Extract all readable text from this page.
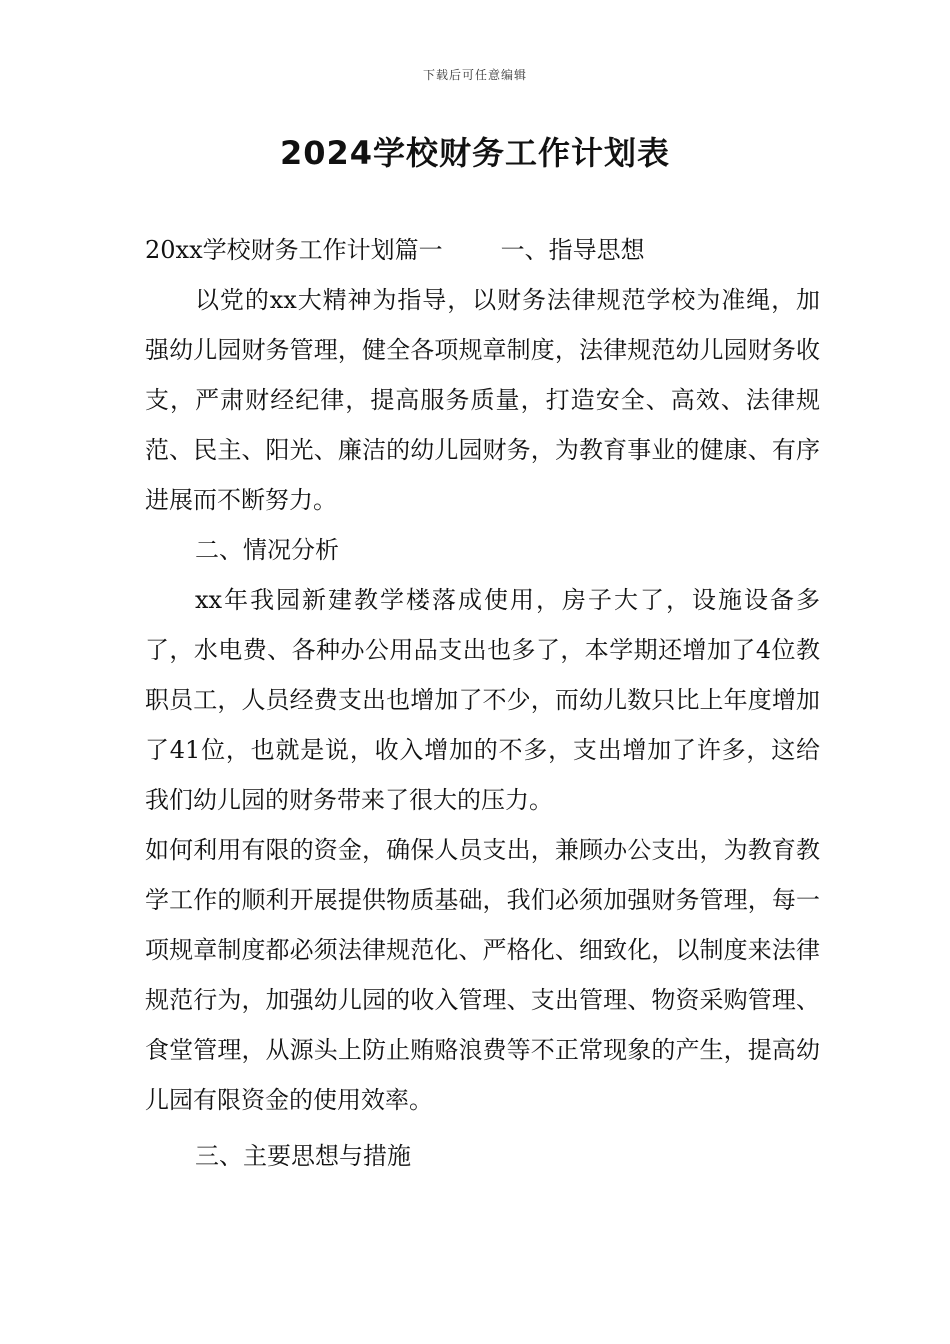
下载后可任意编辑
2024学校财务工作计划表

20xx学校财务工作计划篇一 一、指导思想

以党的xx大精神为指导，以财务法律规范学校为准绳，加强幼儿园财务管理，健全各项规章制度，法律规范幼儿园财务收支，严肃财经纪律，提高服务质量，打造安全、高效、法律规范、民主、阳光、廉洁的幼儿园财务，为教育事业的健康、有序进展而不断努力。

二、情况分析

xx年我园新建教学楼落成使用，房子大了，设施设备多了，水电费、各种办公用品支出也多了，本学期还增加了4位教职员工，人员经费支出也增加了不少，而幼儿数只比上年度增加了41位，也就是说，收入增加的不多，支出增加了许多，这给我们幼儿园的财务带来了很大的压力。

如何利用有限的资金，确保人员支出，兼顾办公支出，为教育教学工作的顺利开展提供物质基础，我们必须加强财务管理，每一项规章制度都必须法律规范化、严格化、细致化，以制度来法律规范行为，加强幼儿园的收入管理、支出管理、物资采购管理、食堂管理，从源头上防止贿赂浪费等不正常现象的产生，提高幼儿园有限资金的使用效率。

三、主要思想与措施
